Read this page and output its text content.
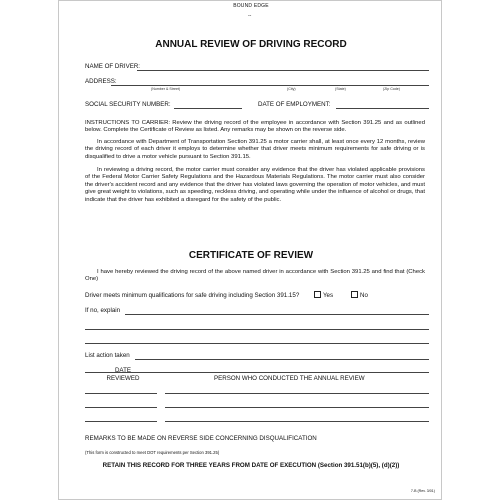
BOUND EDGE
--
ANNUAL REVIEW OF DRIVING RECORD
NAME OF DRIVER:
ADDRESS:
(Number & Street)	(City)	(State)	(Zip Code)
SOCIAL SECURITY NUMBER:	DATE OF EMPLOYMENT:
INSTRUCTIONS TO CARRIER: Review the driving record of the employee in accordance with Section 391.25 and as outlined below. Complete the Certificate of Review as listed. Any remarks may be shown on the reverse side.
In accordance with Department of Transportation Section 391.25 a motor carrier shall, at least once every 12 months, review the driving record of each driver it employs to determine whether that driver meets minimum requirements for safe driving or is disqualified to drive a motor vehicle pursuant to Section 391.15.
In reviewing a driving record, the motor carrier must consider any evidence that the driver has violated applicable provisions of the Federal Motor Carrier Safety Regulations and the Hazardous Materials Regulations. The motor carrier must also consider the driver's accident record and any evidence that the driver has violated laws governing the operation of motor vehicles, and must give great weight to violations, such as speeding, reckless driving, and operating while under the influence of alcohol or drugs, that indicate that the driver has exhibited a disregard for the safety of the public.
CERTIFICATE OF REVIEW
I have hereby reviewed the driving record of the above named driver in accordance with Section 391.25 and find that (Check One)
Driver meets minimum qualifications for safe driving including Section 391.15?	Yes	No
If no, explain
List action taken
DATE REVIEWED	PERSON WHO CONDUCTED THE ANNUAL REVIEW
REMARKS TO BE MADE ON REVERSE SIDE CONCERNING DISQUALIFICATION
(This form is constructed to meet DOT requirements per Section 391.25)
RETAIN THIS RECORD FOR THREE YEARS FROM DATE OF EXECUTION (Section 391.51(b)(5), (d)(2))
7-B (Rev. 3/01)
